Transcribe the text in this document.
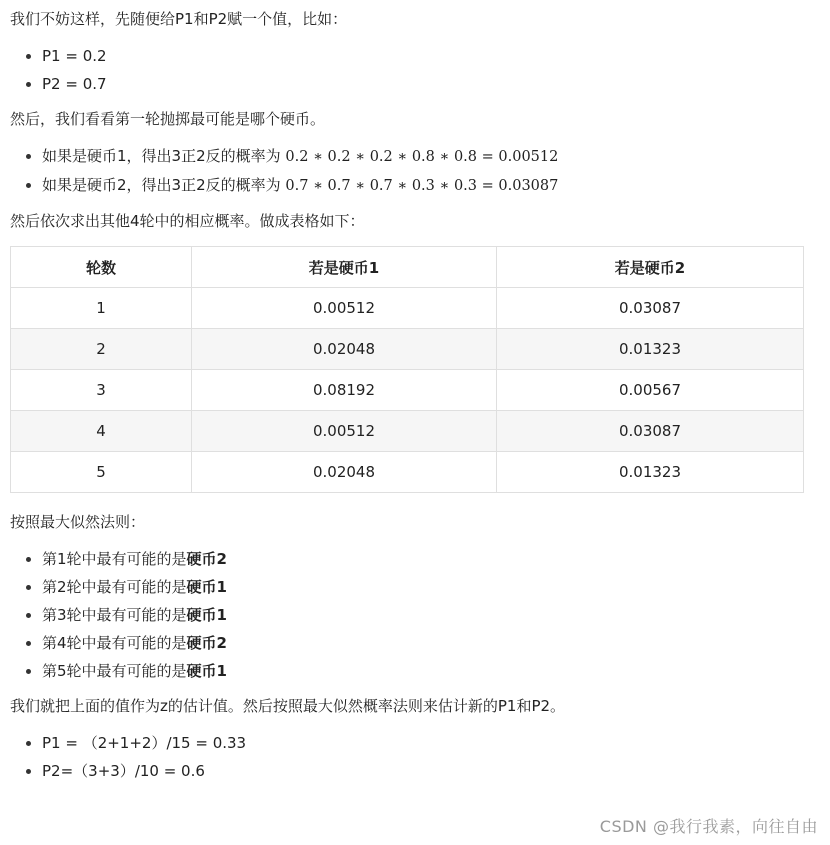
我们不妨这样，先随便给P1和P2赋一个值，比如：

P1 = 0.2
P2 = 0.7

然后，我们看看第一轮抛掷最可能是哪个硬币。

如果是硬币1，得出3正2反的概率为 0.2 ∗ 0.2 ∗ 0.2 ∗ 0.8 ∗ 0.8 = 0.00512
如果是硬币2，得出3正2反的概率为 0.7 ∗ 0.7 ∗ 0.7 ∗ 0.3 ∗ 0.3 = 0.03087

然后依次求出其他4轮中的相应概率。做成表格如下：

轮数	若是硬币1	若是硬币2
1	0.00512	0.03087
2	0.02048	0.01323
3	0.08192	0.00567
4	0.00512	0.03087
5	0.02048	0.01323

按照最大似然法则：

第1轮中最有可能的是硬币2
第2轮中最有可能的是硬币1
第3轮中最有可能的是硬币1
第4轮中最有可能的是硬币2
第5轮中最有可能的是硬币1

我们就把上面的值作为z的估计值。然后按照最大似然概率法则来估计新的P1和P2。

P1 = （2+1+2）/15 = 0.33
P2=（3+3）/10 = 0.6
CSDN @我行我素，向往自由
